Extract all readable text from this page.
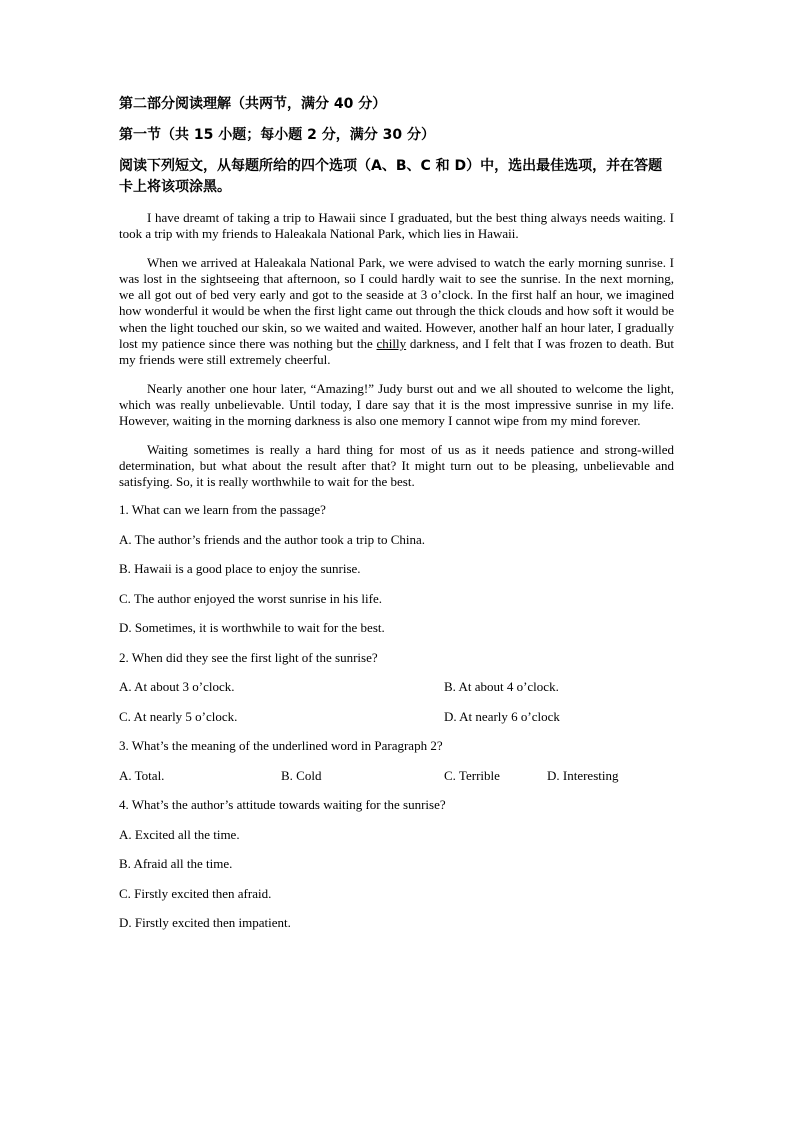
第二部分阅读理解（共两节，满分 40 分）

第一节（共 15 小题；每小题 2 分，满分 30 分）

阅读下列短文，从每题所给的四个选项（A、B、C 和 D）中，选出最佳选项，并在答题卡上将该项涂黑。

I have dreamt of taking a trip to Hawaii since I graduated, but the best thing always needs waiting. I took a trip with my friends to Haleakala National Park, which lies in Hawaii.

When we arrived at Haleakala National Park, we were advised to watch the early morning sunrise. I was lost in the sightseeing that afternoon, so I could hardly wait to see the sunrise. In the next morning, we all got out of bed very early and got to the seaside at 3 o’clock. In the first half an hour, we imagined how wonderful it would be when the first light came out through the thick clouds and how soft it would be when the light touched our skin, so we waited and waited. However, another half an hour later, I gradually lost my patience since there was nothing but the chilly darkness, and I felt that I was frozen to death. But my friends were still extremely cheerful.

Nearly another one hour later, “Amazing!” Judy burst out and we all shouted to welcome the light, which was really unbelievable. Until today, I dare say that it is the most impressive sunrise in my life. However, waiting in the morning darkness is also one memory I cannot wipe from my mind forever.

Waiting sometimes is really a hard thing for most of us as it needs patience and strong-willed determination, but what about the result after that? It might turn out to be pleasing, unbelievable and satisfying. So, it is really worthwhile to wait for the best.

1. What can we learn from the passage?

A. The author’s friends and the author took a trip to China.

B. Hawaii is a good place to enjoy the sunrise.

C. The author enjoyed the worst sunrise in his life.

D. Sometimes, it is worthwhile to wait for the best.

2. When did they see the first light of the sunrise?

A. At about 3 o’clock.	B. At about 4 o’clock.
C. At nearly 5 o’clock.	D. At nearly 6 o’clock

3. What’s the meaning of the underlined word in Paragraph 2?

A. Total.	B. Cold	C. Terrible	D. Interesting

4. What’s the author’s attitude towards waiting for the sunrise?

A. Excited all the time.

B. Afraid all the time.

C. Firstly excited then afraid.

D. Firstly excited then impatient.
